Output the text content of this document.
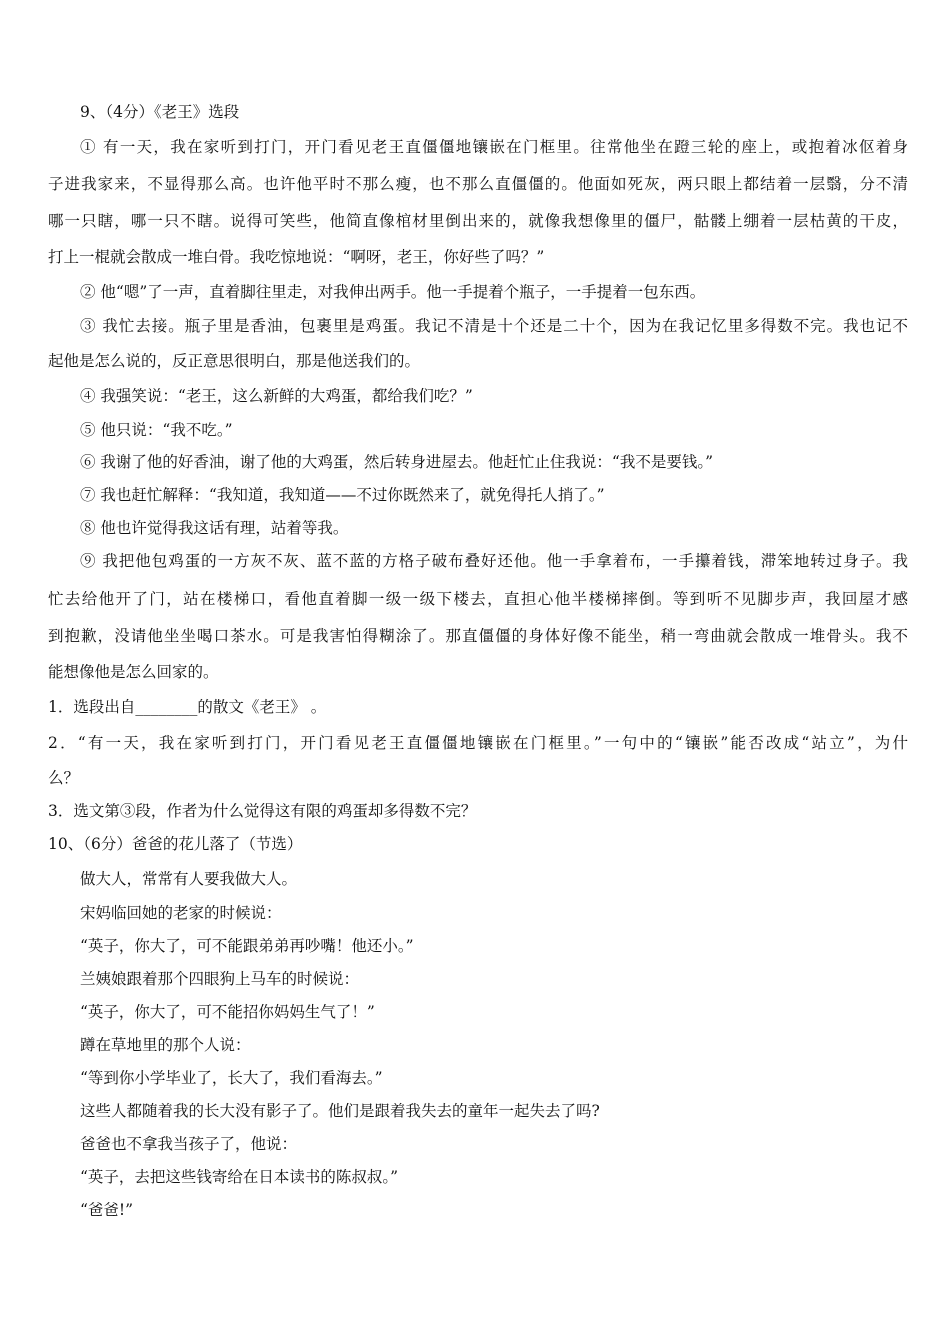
9、（4分）《老王》选段
① 有一天，我在家听到打门，开门看见老王直僵僵地镶嵌在门框里。往常他坐在蹬三轮的座上，或抱着冰伛着身
子进我家来，不显得那么高。也许他平时不那么瘦，也不那么直僵僵的。他面如死灰，两只眼上都结着一层翳，分不清
哪一只瞎，哪一只不瞎。说得可笑些，他简直像棺材里倒出来的，就像我想像里的僵尸，骷髅上绷着一层枯黄的干皮，
打上一棍就会散成一堆白骨。我吃惊地说：“啊呀，老王，你好些了吗？”
② 他“嗯”了一声，直着脚往里走，对我伸出两手。他一手提着个瓶子，一手提着一包东西。
③ 我忙去接。瓶子里是香油，包裹里是鸡蛋。我记不清是十个还是二十个，因为在我记忆里多得数不完。我也记不
起他是怎么说的，反正意思很明白，那是他送我们的。
④ 我强笑说：“老王，这么新鲜的大鸡蛋，都给我们吃？”
⑤ 他只说：“我不吃。”
⑥ 我谢了他的好香油，谢了他的大鸡蛋，然后转身进屋去。他赶忙止住我说：“我不是要钱。”
⑦ 我也赶忙解释：“我知道，我知道——不过你既然来了，就免得托人捎了。”
⑧ 他也许觉得我这话有理，站着等我。
⑨ 我把他包鸡蛋的一方灰不灰、蓝不蓝的方格子破布叠好还他。他一手拿着布，一手攥着钱，滞笨地转过身子。我
忙去给他开了门，站在楼梯口，看他直着脚一级一级下楼去，直担心他半楼梯摔倒。等到听不见脚步声，我回屋才感
到抱歉，没请他坐坐喝口茶水。可是我害怕得糊涂了。那直僵僵的身体好像不能坐，稍一弯曲就会散成一堆骨头。我不
能想像他是怎么回家的。
1．选段出自________的散文《老王》 。
2．“有一天，我在家听到打门，开门看见老王直僵僵地镶嵌在门框里。”一句中的“镶嵌”能否改成“站立”，为什
么？
3．选文第③段，作者为什么觉得这有限的鸡蛋却多得数不完？
10、（6分）爸爸的花儿落了（节选）
做大人，常常有人要我做大人。
宋妈临回她的老家的时候说：
“英子，你大了，可不能跟弟弟再吵嘴！他还小。”
兰姨娘跟着那个四眼狗上马车的时候说：
“英子，你大了，可不能招你妈妈生气了！”
蹲在草地里的那个人说：
“等到你小学毕业了，长大了，我们看海去。”
这些人都随着我的长大没有影子了。他们是跟着我失去的童年一起失去了吗?
爸爸也不拿我当孩子了，他说：
“英子，去把这些钱寄给在日本读书的陈叔叔。”
“爸爸!”
